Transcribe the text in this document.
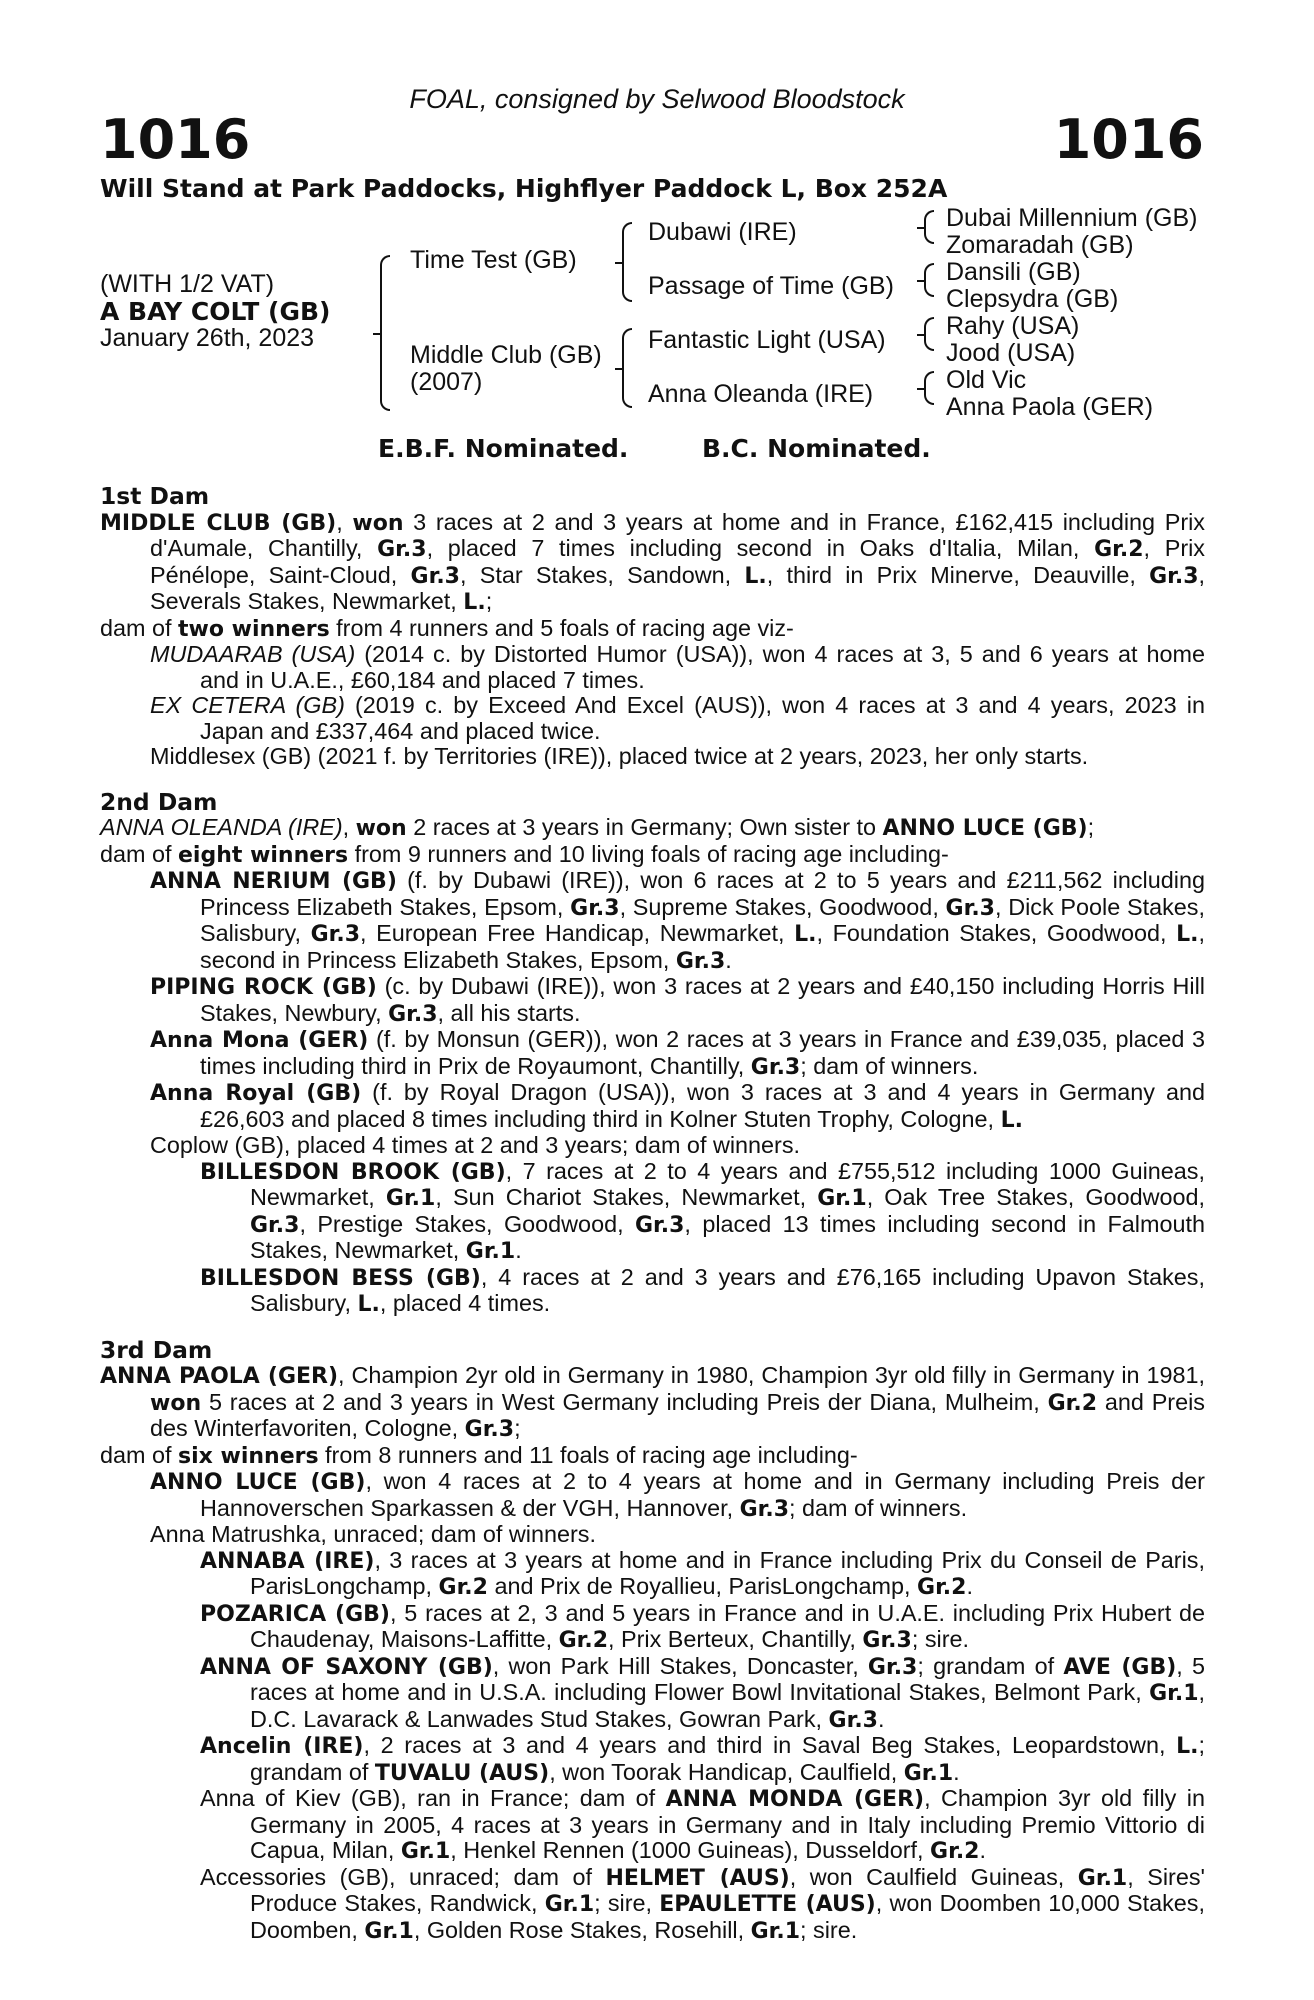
FOAL, consigned by Selwood Bloodstock
1016	1016
Will Stand at Park Paddocks, Highflyer Paddock L, Box 252A
(WITH 1/2 VAT)
A BAY COLT (GB)
January 26th, 2023
Time Test (GB)
Middle Club (GB)
(2007)
Dubawi (IRE)
Passage of Time (GB)
Fantastic Light (USA)
Anna Oleanda (IRE)
Dubai Millennium (GB)
Zomaradah (GB)
Dansili (GB)
Clepsydra (GB)
Rahy (USA)
Jood (USA)
Old Vic
Anna Paola (GER)
E.B.F. Nominated.	B.C. Nominated.
1st Dam
MIDDLE CLUB (GB), won 3 races at 2 and 3 years at home and in France, £162,415 including Prix d'Aumale, Chantilly, Gr.3, placed 7 times including second in Oaks d'Italia, Milan, Gr.2, Prix Pénélope, Saint-Cloud, Gr.3, Star Stakes, Sandown, L., third in Prix Minerve, Deauville, Gr.3, Severals Stakes, Newmarket, L.;
dam of two winners from 4 runners and 5 foals of racing age viz-
MUDAARAB (USA) (2014 c. by Distorted Humor (USA)), won 4 races at 3, 5 and 6 years at home and in U.A.E., £60,184 and placed 7 times.
EX CETERA (GB) (2019 c. by Exceed And Excel (AUS)), won 4 races at 3 and 4 years, 2023 in Japan and £337,464 and placed twice.
Middlesex (GB) (2021 f. by Territories (IRE)), placed twice at 2 years, 2023, her only starts.
2nd Dam
ANNA OLEANDA (IRE), won 2 races at 3 years in Germany; Own sister to ANNO LUCE (GB);
dam of eight winners from 9 runners and 10 living foals of racing age including-
ANNA NERIUM (GB) (f. by Dubawi (IRE)), won 6 races at 2 to 5 years and £211,562 including Princess Elizabeth Stakes, Epsom, Gr.3, Supreme Stakes, Goodwood, Gr.3, Dick Poole Stakes, Salisbury, Gr.3, European Free Handicap, Newmarket, L., Foundation Stakes, Goodwood, L., second in Princess Elizabeth Stakes, Epsom, Gr.3.
PIPING ROCK (GB) (c. by Dubawi (IRE)), won 3 races at 2 years and £40,150 including Horris Hill Stakes, Newbury, Gr.3, all his starts.
Anna Mona (GER) (f. by Monsun (GER)), won 2 races at 3 years in France and £39,035, placed 3 times including third in Prix de Royaumont, Chantilly, Gr.3; dam of winners.
Anna Royal (GB) (f. by Royal Dragon (USA)), won 3 races at 3 and 4 years in Germany and £26,603 and placed 8 times including third in Kolner Stuten Trophy, Cologne, L.
Coplow (GB), placed 4 times at 2 and 3 years; dam of winners.
BILLESDON BROOK (GB), 7 races at 2 to 4 years and £755,512 including 1000 Guineas, Newmarket, Gr.1, Sun Chariot Stakes, Newmarket, Gr.1, Oak Tree Stakes, Goodwood, Gr.3, Prestige Stakes, Goodwood, Gr.3, placed 13 times including second in Falmouth Stakes, Newmarket, Gr.1.
BILLESDON BESS (GB), 4 races at 2 and 3 years and £76,165 including Upavon Stakes, Salisbury, L., placed 4 times.
3rd Dam
ANNA PAOLA (GER), Champion 2yr old in Germany in 1980, Champion 3yr old filly in Germany in 1981, won 5 races at 2 and 3 years in West Germany including Preis der Diana, Mulheim, Gr.2 and Preis des Winterfavoriten, Cologne, Gr.3;
dam of six winners from 8 runners and 11 foals of racing age including-
ANNO LUCE (GB), won 4 races at 2 to 4 years at home and in Germany including Preis der Hannoverschen Sparkassen & der VGH, Hannover, Gr.3; dam of winners.
Anna Matrushka, unraced; dam of winners.
ANNABA (IRE), 3 races at 3 years at home and in France including Prix du Conseil de Paris, ParisLongchamp, Gr.2 and Prix de Royallieu, ParisLongchamp, Gr.2.
POZARICA (GB), 5 races at 2, 3 and 5 years in France and in U.A.E. including Prix Hubert de Chaudenay, Maisons-Laffitte, Gr.2, Prix Berteux, Chantilly, Gr.3; sire.
ANNA OF SAXONY (GB), won Park Hill Stakes, Doncaster, Gr.3; grandam of AVE (GB), 5 races at home and in U.S.A. including Flower Bowl Invitational Stakes, Belmont Park, Gr.1, D.C. Lavarack & Lanwades Stud Stakes, Gowran Park, Gr.3.
Ancelin (IRE), 2 races at 3 and 4 years and third in Saval Beg Stakes, Leopardstown, L.; grandam of TUVALU (AUS), won Toorak Handicap, Caulfield, Gr.1.
Anna of Kiev (GB), ran in France; dam of ANNA MONDA (GER), Champion 3yr old filly in Germany in 2005, 4 races at 3 years in Germany and in Italy including Premio Vittorio di Capua, Milan, Gr.1, Henkel Rennen (1000 Guineas), Dusseldorf, Gr.2.
Accessories (GB), unraced; dam of HELMET (AUS), won Caulfield Guineas, Gr.1, Sires' Produce Stakes, Randwick, Gr.1; sire, EPAULETTE (AUS), won Doomben 10,000 Stakes, Doomben, Gr.1, Golden Rose Stakes, Rosehill, Gr.1; sire.
